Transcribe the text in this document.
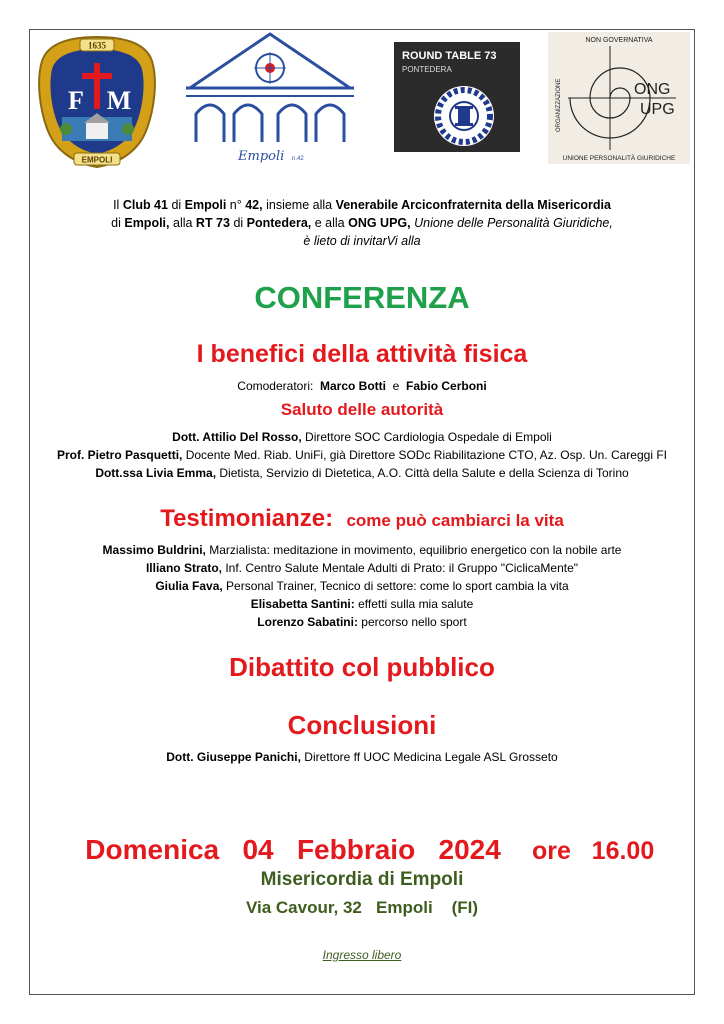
1635
F M
EMPOLI	Empoli n.42
ROUND TABLE 73
PONTEDERA
NON GOVERNATIVA
ORGANIZZAZIONE	ONG
UPG
UNIONE PERSONALITÀ GIURIDICHE
Il Club 41 di Empoli n° 42, insieme alla Venerabile Arciconfraternita della Misericordia
di Empoli, alla RT 73 di Pontedera, e alla ONG UPG, Unione delle Personalità Giuridiche,
è lieto di invitarVi alla
CONFERENZA
I benefici della attività fisica
Comoderatori: Marco Botti e Fabio Cerboni
Saluto delle autorità
Dott. Attilio Del Rosso, Direttore SOC Cardiologia Ospedale di Empoli
Prof. Pietro Pasquetti, Docente Med. Riab. UniFi, già Direttore SODc Riabilitazione CTO, Az. Osp. Un. Careggi FI
Dott.ssa Livia Emma, Dietista, Servizio di Dietetica, A.O. Città della Salute e della Scienza di Torino
Testimonianze: come può cambiarci la vita
Massimo Buldrini, Marzialista: meditazione in movimento, equilibrio energetico con la nobile arte
Illiano Strato, Inf. Centro Salute Mentale Adulti di Prato: il Gruppo "CiclicaMente"
Giulia Fava, Personal Trainer, Tecnico di settore: come lo sport cambia la vita
Elisabetta Santini: effetti sulla mia salute
Lorenzo Sabatini: percorso nello sport
Dibattito col pubblico
Conclusioni
Dott. Giuseppe Panichi, Direttore ff UOC Medicina Legale ASL Grosseto

Domenica   04   Febbraio   2024 ore   16.00

Misericordia di Empoli
Via Cavour, 32   Empoli    (FI)
Ingresso libero
